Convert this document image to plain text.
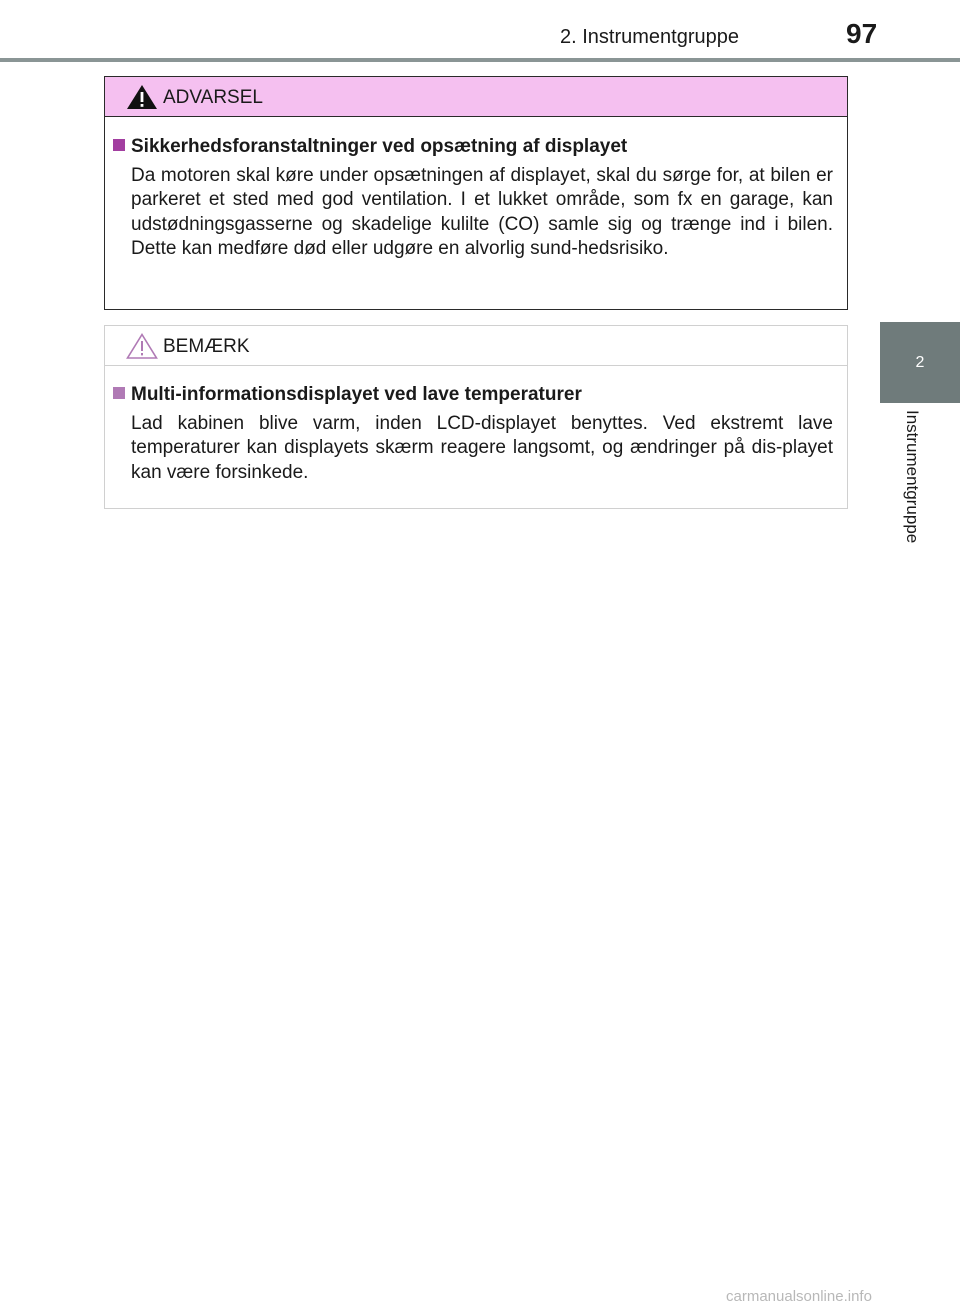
2. Instrumentgruppe	97
2
Instrumentgruppe
ADVARSEL
Sikkerhedsforanstaltninger ved opsætning af displayet
Da motoren skal køre under opsætningen af displayet, skal du sørge for, at bilen er parkeret et sted med god ventilation. I et lukket område, som fx en garage, kan udstødningsgasserne og skadelige kulilte (CO) samle sig og trænge ind i bilen. Dette kan medføre død eller udgøre en alvorlig sund-hedsrisiko.
BEMÆRK
Multi-informationsdisplayet ved lave temperaturer
Lad kabinen blive varm, inden LCD-displayet benyttes. Ved ekstremt lave temperaturer kan displayets skærm reagere langsomt, og ændringer på dis-playet kan være forsinkede.
carmanualsonline.info
